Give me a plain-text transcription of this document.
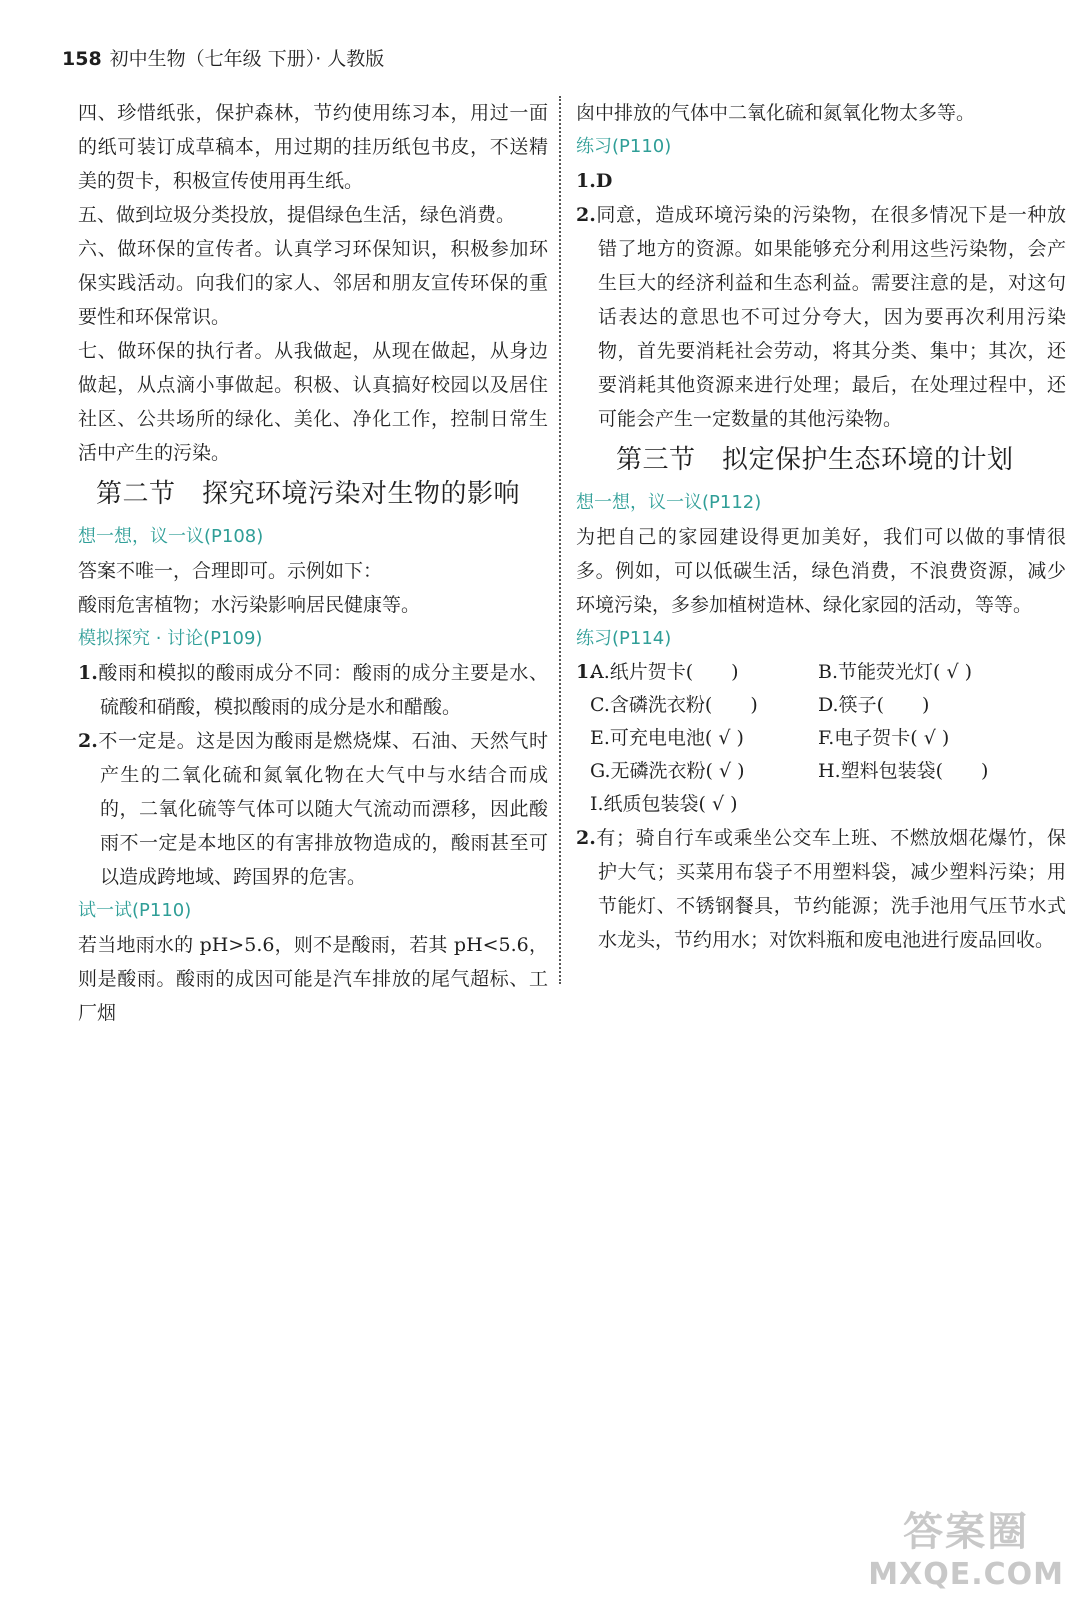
158 初中生物（七年级 下册）· 人教版

四、珍惜纸张，保护森林，节约使用练习本，用过一面的纸可装订成草稿本，用过期的挂历纸包书皮，不送精美的贺卡，积极宣传使用再生纸。

五、做到垃圾分类投放，提倡绿色生活，绿色消费。

六、做环保的宣传者。认真学习环保知识，积极参加环保实践活动。向我们的家人、邻居和朋友宣传环保的重要性和环保常识。

七、做环保的执行者。从我做起，从现在做起，从身边做起，从点滴小事做起。积极、认真搞好校园以及居住社区、公共场所的绿化、美化、净化工作，控制日常生活中产生的污染。

第二节　探究环境污染对生物的影响

想一想，议一议(P108)

答案不唯一，合理即可。示例如下：

酸雨危害植物；水污染影响居民健康等。

模拟探究 · 讨论(P109)

1.酸雨和模拟的酸雨成分不同：酸雨的成分主要是水、硫酸和硝酸，模拟酸雨的成分是水和醋酸。

2.不一定是。这是因为酸雨是燃烧煤、石油、天然气时产生的二氧化硫和氮氧化物在大气中与水结合而成的，二氧化硫等气体可以随大气流动而漂移，因此酸雨不一定是本地区的有害排放物造成的，酸雨甚至可以造成跨地域、跨国界的危害。

试一试(P110)

若当地雨水的 pH>5.6，则不是酸雨，若其 pH<5.6，则是酸雨。酸雨的成因可能是汽车排放的尾气超标、工厂烟

囱中排放的气体中二氧化硫和氮氧化物太多等。

练习(P110)

1.D

2.同意，造成环境污染的污染物，在很多情况下是一种放错了地方的资源。如果能够充分利用这些污染物，会产生巨大的经济利益和生态利益。需要注意的是，对这句话表达的意思也不可过分夸大，因为要再次利用污染物，首先要消耗社会劳动，将其分类、集中；其次，还要消耗其他资源来进行处理；最后，在处理过程中，还可能会产生一定数量的其他污染物。

第三节　拟定保护生态环境的计划

想一想，议一议(P112)

为把自己的家园建设得更加美好，我们可以做的事情很多。例如，可以低碳生活，绿色消费，不浪费资源，减少环境污染，多参加植树造林、绿化家园的活动，等等。

练习(P114)

1.
A.纸片贺卡(　　)	B.节能荧光灯( √ )
C.含磷洗衣粉(　　)	D.筷子(　　)
E.可充电电池( √ )	F.电子贺卡( √ )
G.无磷洗衣粉( √ )	H.塑料包装袋(　　)
I.纸质包装袋( √ )

2.有；骑自行车或乘坐公交车上班、不燃放烟花爆竹，保护大气；买菜用布袋子不用塑料袋，减少塑料污染；用节能灯、不锈钢餐具，节约能源；洗手池用气压节水式水龙头，节约用水；对饮料瓶和废电池进行废品回收。

答案圈
MXQE.COM
